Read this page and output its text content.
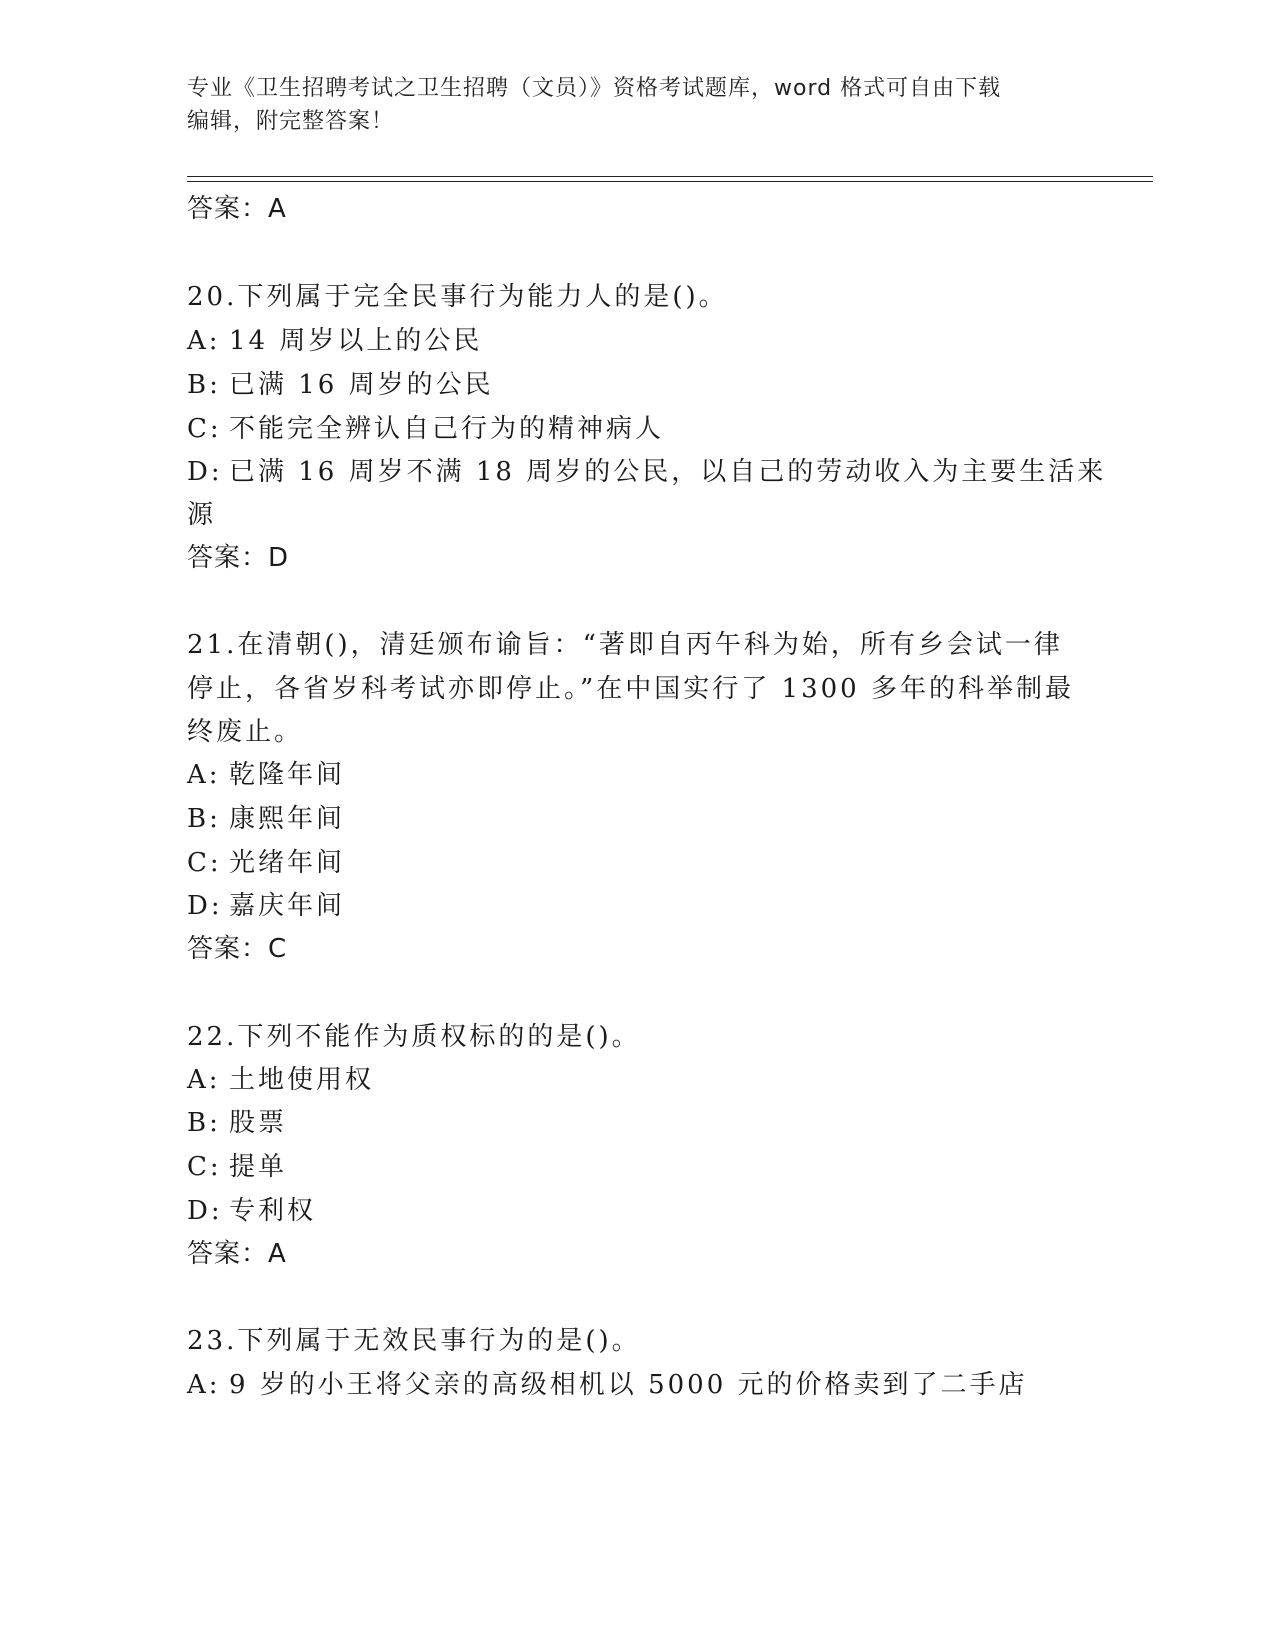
专业《卫生招聘考试之卫生招聘（文员）》资格考试题库，word 格式可自由下载
编辑，附完整答案！
答案：A
20.下列属于完全民事行为能力人的是()。
A: 14 周岁以上的公民
B: 已满 16 周岁的公民
C: 不能完全辨认自己行为的精神病人
D: 已满 16 周岁不满 18 周岁的公民，以自己的劳动收入为主要生活来
源
答案：D
21.在清朝()，清廷颁布谕旨：“著即自丙午科为始，所有乡会试一律
停止，各省岁科考试亦即停止。”在中国实行了 1300 多年的科举制最
终废止。
A: 乾隆年间
B: 康熙年间
C: 光绪年间
D: 嘉庆年间
答案：C
22.下列不能作为质权标的的是()。
A: 土地使用权
B: 股票
C: 提单
D: 专利权
答案：A
23.下列属于无效民事行为的是()。
A: 9 岁的小王将父亲的高级相机以 5000 元的价格卖到了二手店
